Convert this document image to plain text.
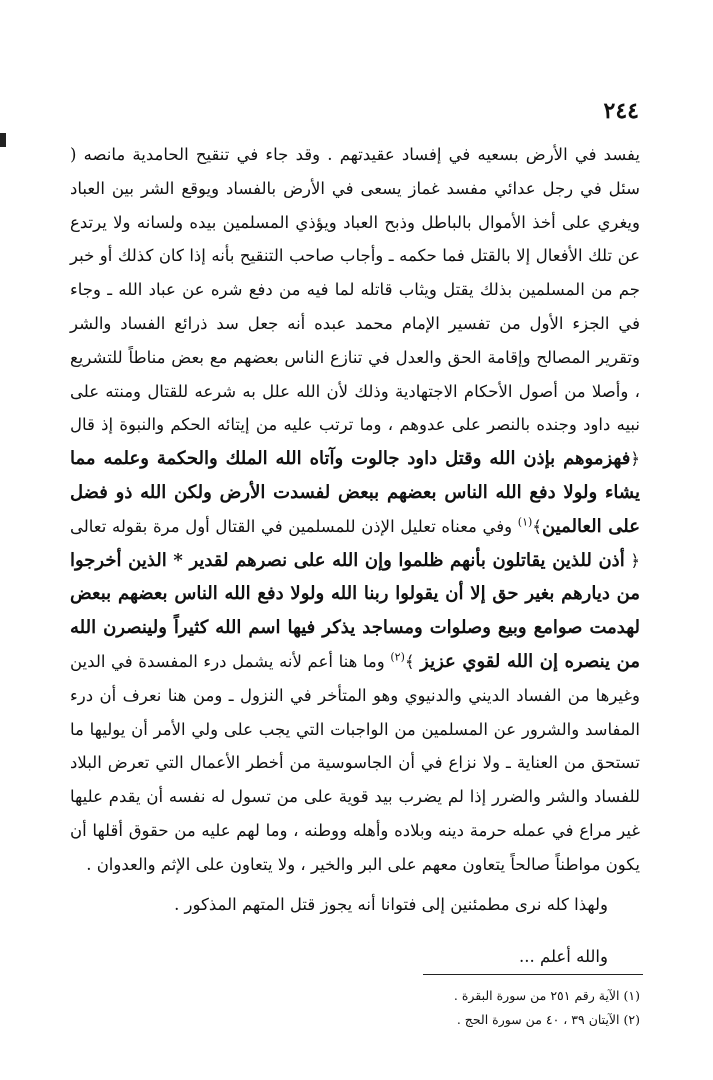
٢٤٤
يفسد في الأرض بسعيه في إفساد عقيدتهم . وقد جاء في تنقيح الحامدية مانصه ( سئل في رجل عدائي مفسد غماز يسعى في الأرض بالفساد ويوقع الشر بين العباد ويغري على أخذ الأموال بالباطل وذبح العباد ويؤذي المسلمين بيده ولسانه ولا يرتدع عن تلك الأفعال إلا بالقتل فما حكمه ـ وأجاب صاحب التنقيح بأنه إذا كان كذلك أو خبر جم من المسلمين بذلك يقتل ويثاب قاتله لما فيه من دفع شره عن عباد الله ـ وجاء في الجزء الأول من تفسير الإمام محمد عبده أنه جعل سد ذرائع الفساد والشر وتقرير المصالح وإقامة الحق والعدل في تنازع الناس بعضهم مع بعض مناطاً للتشريع ، وأصلا من أصول الأحكام الاجتهادية وذلك لأن الله علل به شرعه للقتال ومنته على نبيه داود وجنده بالنصر على عدوهم ، وما ترتب عليه من إيتائه الحكم والنبوة إذ قال ﴿فهزموهم بإذن الله وقتل داود جالوت وآتاه الله الملك والحكمة وعلمه مما يشاء ولولا دفع الله الناس بعضهم ببعض لفسدت الأرض ولكن الله ذو فضل على العالمين﴾$^{(١)}$ وفي معناه تعليل الإذن للمسلمين في القتال أول مرة بقوله تعالى ﴿ أذن للذين يقاتلون بأنهم ظلموا وإن الله على نصرهم لقدير * الذين أخرجوا من ديارهم بغير حق إلا أن يقولوا ربنا الله ولولا دفع الله الناس بعضهم ببعض لهدمت صوامع وبيع وصلوات ومساجد يذكر فيها اسم الله كثيراً ولينصرن الله من ينصره إن الله لقوي عزيز ﴾$^{(٢)}$ وما هنا أعم لأنه يشمل درء المفسدة في الدين وغيرها من الفساد الديني والدنيوي وهو المتأخر في النزول ـ ومن هنا نعرف أن درء المفاسد والشرور عن المسلمين من الواجبات التي يجب على ولي الأمر أن يوليها ما تستحق من العناية ـ ولا نزاع في أن الجاسوسية من أخطر الأعمال التي تعرض البلاد للفساد والشر والضرر إذا لم يضرب بيد قوية على من تسول له نفسه أن يقدم عليها غير مراع في عمله حرمة دينه وبلاده وأهله ووطنه ، وما لهم عليه من حقوق أقلها أن يكون مواطناً صالحاً يتعاون معهم على البر والخير ، ولا يتعاون على الإثم والعدوان .
ولهذا كله نرى مطمئنين إلى فتوانا أنه يجوز قتل المتهم المذكور .
والله أعلم ...
(١) الآية رقم ٢٥١ من سورة البقرة .
(٢) الآيتان ٣٩ ، ٤٠ من سورة الحج .
